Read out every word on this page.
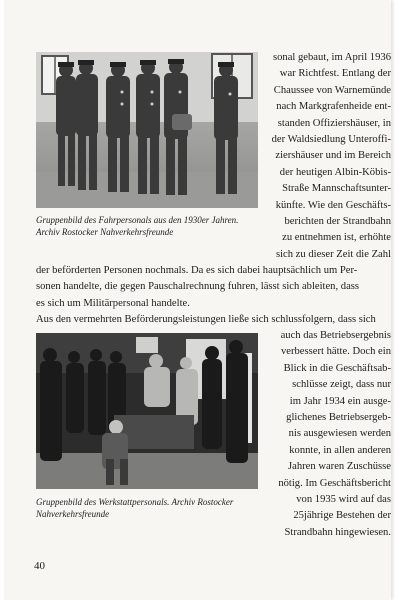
Gruppenbild des Fahrpersonals aus den 1930er Jahren.
Archiv Rostocker Nahverkehrsfreunde
sonal gebaut, im April 1936
war Richtfest. Entlang der
Chaussee von Warnemünde
nach Markgrafenheide ent-
standen Offiziershäuser, in
der Waldsiedlung Unteroffi-
ziershäuser und im Bereich
der heutigen Albin-Köbis-
Straße Mannschaftsunter-
künfte. Wie den Geschäfts-
berichten der Strandbahn
zu entnehmen ist, erhöhte
sich zu dieser Zeit die Zahl
der beförderten Personen nochmals. Da es sich dabei hauptsächlich um Per-
sonen handelte, die gegen Pauschalrechnung fuhren, lässt sich ableiten, dass
es sich um Militärpersonal handelte.
Aus den vermehrten Beförderungsleistungen ließe sich schlussfolgern, dass sich
Gruppenbild des Werkstattpersonals. Archiv Rostocker
Nahverkehrsfreunde
auch das Betriebsergebnis
verbessert hätte. Doch ein
Blick in die Geschäftsab-
schlüsse zeigt, dass nur
im Jahr 1934 ein ausge-
glichenes Betriebsergeb-
nis ausgewiesen werden
konnte, in allen anderen
Jahren waren Zuschüsse
nötig. Im Geschäftsbericht
von 1935 wird auf das
25jährige Bestehen der
Strandbahn hingewiesen.
40
